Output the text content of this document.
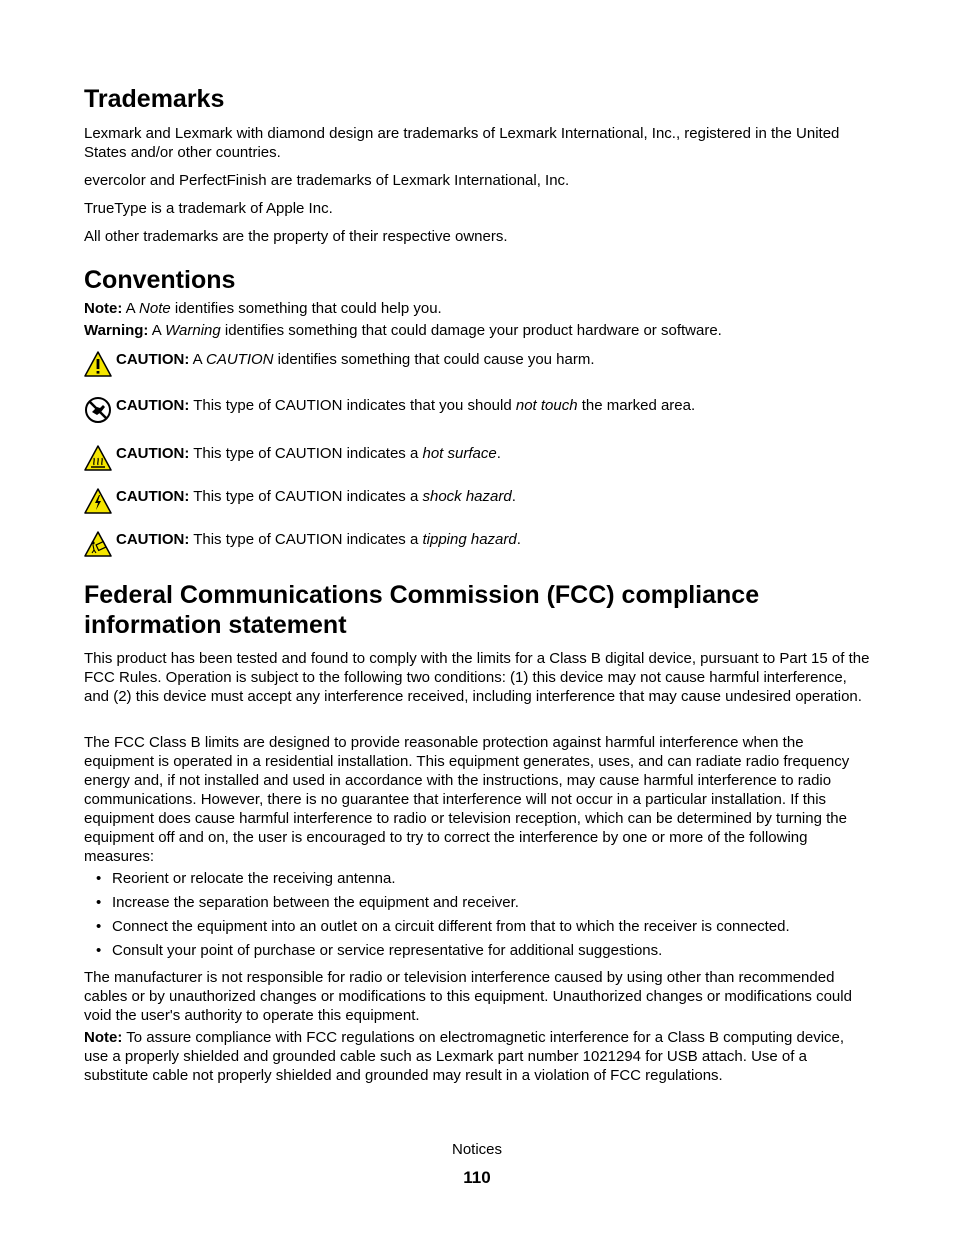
Trademarks

Lexmark and Lexmark with diamond design are trademarks of Lexmark International, Inc., registered in the United States and/or other countries.

evercolor and PerfectFinish are trademarks of Lexmark International, Inc.

TrueType is a trademark of Apple Inc.

All other trademarks are the property of their respective owners.

Conventions

Note: A Note identifies something that could help you.

Warning: A Warning identifies something that could damage your product hardware or software.

CAUTION: A CAUTION identifies something that could cause you harm.
CAUTION: This type of CAUTION indicates that you should not touch the marked area.
CAUTION: This type of CAUTION indicates a hot surface.
CAUTION: This type of CAUTION indicates a shock hazard.
CAUTION: This type of CAUTION indicates a tipping hazard.
Federal Communications Commission (FCC) compliance
information statement

This product has been tested and found to comply with the limits for a Class B digital device, pursuant to Part 15 of the FCC Rules. Operation is subject to the following two conditions: (1) this device may not cause harmful interference, and (2) this device must accept any interference received, including interference that may cause undesired operation.

The FCC Class B limits are designed to provide reasonable protection against harmful interference when the equipment is operated in a residential installation. This equipment generates, uses, and can radiate radio frequency energy and, if not installed and used in accordance with the instructions, may cause harmful interference to radio communications. However, there is no guarantee that interference will not occur in a particular installation. If this equipment does cause harmful interference to radio or television reception, which can be determined by turning the equipment off and on, the user is encouraged to try to correct the interference by one or more of the following measures:

• Reorient or relocate the receiving antenna.
• Increase the separation between the equipment and receiver.
• Connect the equipment into an outlet on a circuit different from that to which the receiver is connected.
• Consult your point of purchase or service representative for additional suggestions.

The manufacturer is not responsible for radio or television interference caused by using other than recommended cables or by unauthorized changes or modifications to this equipment. Unauthorized changes or modifications could void the user's authority to operate this equipment.

Note: To assure compliance with FCC regulations on electromagnetic interference for a Class B computing device, use a properly shielded and grounded cable such as Lexmark part number 1021294 for USB attach. Use of a substitute cable not properly shielded and grounded may result in a violation of FCC regulations.

Notices
110
